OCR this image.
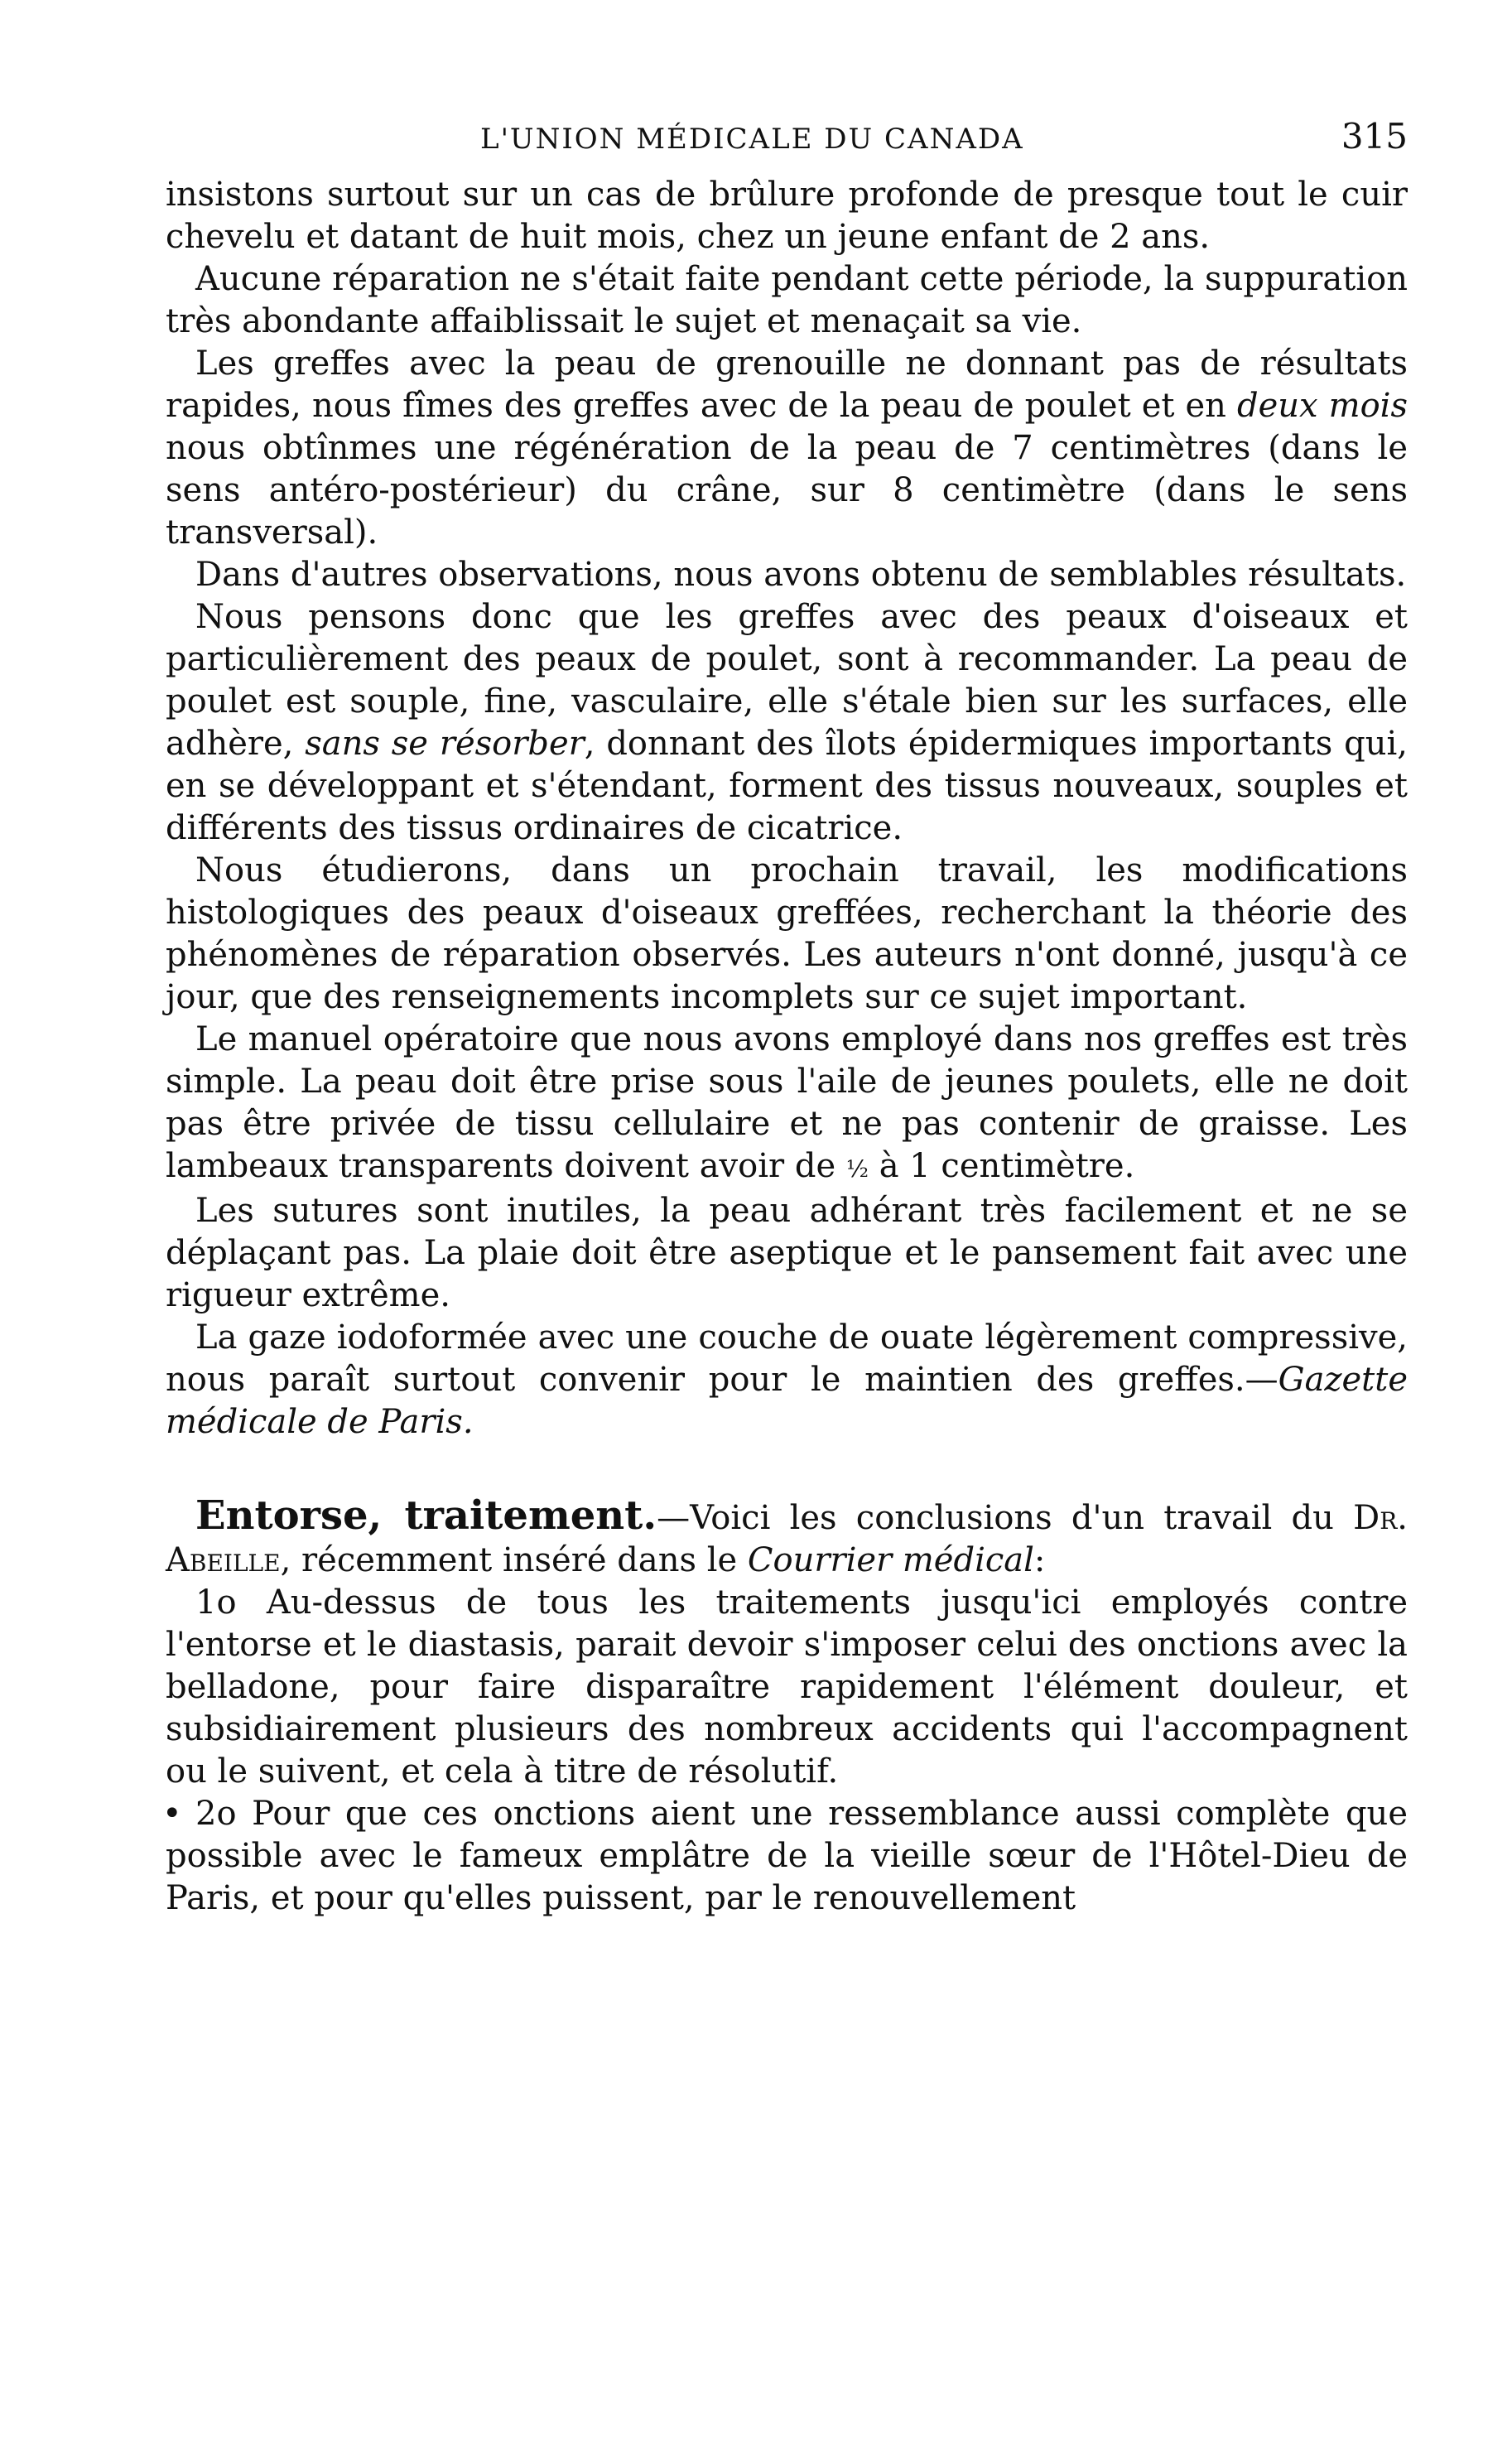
L'UNION MÉDICALE DU CANADA	315

insistons surtout sur un cas de brûlure profonde de presque tout le cuir chevelu et datant de huit mois, chez un jeune enfant de 2 ans.

Aucune réparation ne s'était faite pendant cette période, la suppuration très abondante affaiblissait le sujet et menaçait sa vie.

Les greffes avec la peau de grenouille ne donnant pas de résultats rapides, nous fîmes des greffes avec de la peau de poulet et en deux mois nous obtînmes une régénération de la peau de 7 centimètres (dans le sens antéro-postérieur) du crâne, sur 8 centimètre (dans le sens transversal).

Dans d'autres observations, nous avons obtenu de semblables résultats.

Nous pensons donc que les greffes avec des peaux d'oiseaux et particulièrement des peaux de poulet, sont à recommander. La peau de poulet est souple, fine, vasculaire, elle s'étale bien sur les surfaces, elle adhère, sans se résorber, donnant des îlots épidermiques importants qui, en se développant et s'étendant, forment des tissus nouveaux, souples et différents des tissus ordinaires de cicatrice.

Nous étudierons, dans un prochain travail, les modifications histologiques des peaux d'oiseaux greffées, recherchant la théorie des phénomènes de réparation observés. Les auteurs n'ont donné, jusqu'à ce jour, que des renseignements incomplets sur ce sujet important.

Le manuel opératoire que nous avons employé dans nos greffes est très simple. La peau doit être prise sous l'aile de jeunes poulets, elle ne doit pas être privée de tissu cellulaire et ne pas contenir de graisse. Les lambeaux transparents doivent avoir de ½ à 1 centimètre.

Les sutures sont inutiles, la peau adhérant très facilement et ne se déplaçant pas. La plaie doit être aseptique et le pansement fait avec une rigueur extrême.

La gaze iodoformée avec une couche de ouate légèrement compressive, nous paraît surtout convenir pour le maintien des greffes.—Gazette médicale de Paris.

Entorse, traitement.—Voici les conclusions d'un travail du Dr. Abeille, récemment inséré dans le Courrier médical:

1o Au-dessus de tous les traitements jusqu'ici employés contre l'entorse et le diastasis, parait devoir s'imposer celui des onctions avec la belladone, pour faire disparaître rapidement l'élément douleur, et subsidiairement plusieurs des nombreux accidents qui l'accompagnent ou le suivent, et cela à titre de résolutif.

• 2o Pour que ces onctions aient une ressemblance aussi complète que possible avec le fameux emplâtre de la vieille sœur de l'Hôtel-Dieu de Paris, et pour qu'elles puissent, par le renouvellement
